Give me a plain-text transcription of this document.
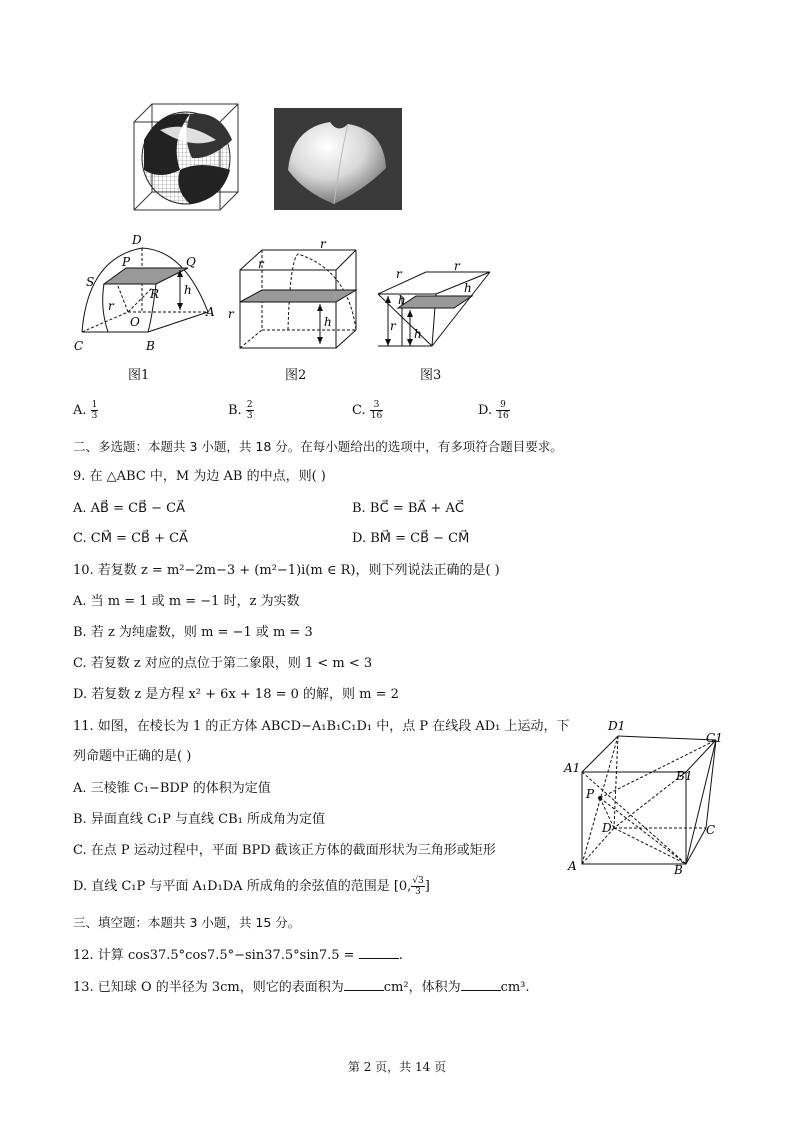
D
P	Q
S
R h
r
O
A
C	B
r
r
r
h
r
r
h
h
r
h
图1	图2	图3
A. $\frac{1}{3}$	B. $\frac{2}{3}$	C. $\frac{3}{16}$	D. $\frac{9}{16}$
二、多选题：本题共 3 小题，共 18 分。在每小题给出的选项中，有多项符合题目要求。
9. 在 △ABC 中，M 为边 AB 的中点，则( )
A. AB⃗ = CB⃗ − CA⃗	B. BC⃗ = BA⃗ + AC⃗
C. CM⃗ = CB⃗ + CA⃗	D. BM⃗ = CB⃗ − CM⃗
10. 若复数 z = m²−2m−3 + (m²−1)i(m ∈ R)，则下列说法正确的是( )
A. 当 m = 1 或 m = −1 时，z 为实数
B. 若 z 为纯虚数，则 m = −1 或 m = 3
C. 若复数 z 对应的点位于第二象限，则 1 < m < 3
D. 若复数 z 是方程 x² + 6x + 18 = 0 的解，则 m = 2
11. 如图，在棱长为 1 的正方体 ABCD−A₁B₁C₁D₁ 中，点 P 在线段 AD₁ 上运动，下
列命题中正确的是( )
A. 三棱锥 C₁−BDP 的体积为定值
B. 异面直线 C₁P 与直线 CB₁ 所成角为定值
C. 在点 P 运动过程中，平面 BPD 截该正方体的截面形状为三角形或矩形
D. 直线 C₁P 与平面 A₁D₁DA 所成角的余弦值的范围是 [0, $\frac{√3}{3}$ ]
D1
C1
A1
B1
P
D	C
A	B
三、填空题：本题共 3 小题，共 15 分。
12. 计算 cos37.5°cos7.5°−sin37.5°sin7.5 =	.
13. 已知球 O 的半径为 3cm，则它的表面积为	cm²，体积为	cm³.
第 2 页，共 14 页
